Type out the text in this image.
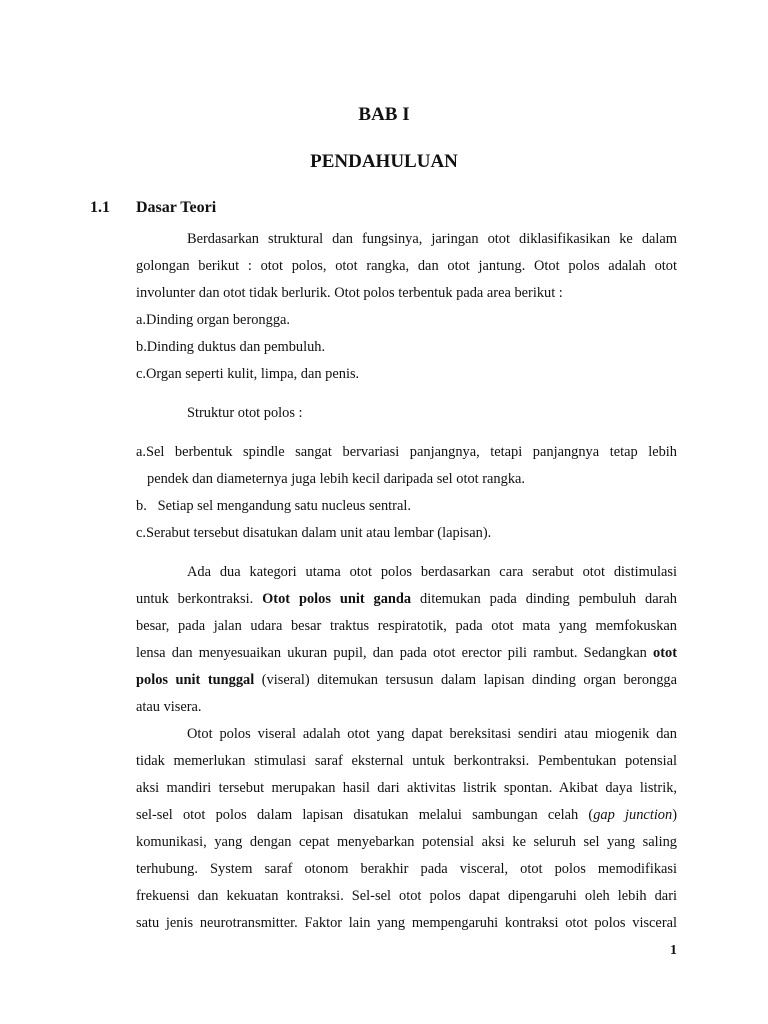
BAB I
PENDAHULUAN
1.1 Dasar Teori
Berdasarkan struktural dan fungsinya, jaringan otot diklasifikasikan ke dalam
golongan berikut : otot polos, otot rangka, dan otot jantung. Otot polos adalah otot
involunter dan otot tidak berlurik. Otot polos terbentuk pada area berikut :
a.Dinding organ berongga.
b.Dinding duktus dan pembuluh.
c.Organ seperti kulit, limpa, dan penis.
Struktur otot polos :
a.Sel berbentuk spindle sangat bervariasi panjangnya, tetapi panjangnya tetap lebih
pendek dan diameternya juga lebih kecil daripada sel otot rangka.
b.   Setiap sel mengandung satu nucleus sentral.
c.Serabut tersebut disatukan dalam unit atau lembar (lapisan).
Ada dua kategori utama otot polos berdasarkan cara serabut otot distimulasi
untuk berkontraksi. Otot polos unit ganda ditemukan pada dinding pembuluh darah
besar, pada jalan udara besar traktus respiratotik, pada otot mata yang memfokuskan
lensa dan menyesuaikan ukuran pupil, dan pada otot erector pili rambut. Sedangkan otot
polos unit tunggal (viseral) ditemukan tersusun dalam lapisan dinding organ berongga
atau visera.
Otot polos viseral adalah otot yang dapat bereksitasi sendiri atau miogenik dan
tidak memerlukan stimulasi saraf eksternal untuk berkontraksi. Pembentukan potensial
aksi mandiri tersebut merupakan hasil dari aktivitas listrik spontan. Akibat daya listrik,
sel-sel otot polos dalam lapisan disatukan melalui sambungan celah (gap junction)
komunikasi, yang dengan cepat menyebarkan potensial aksi ke seluruh sel yang saling
terhubung. System saraf otonom berakhir pada visceral, otot polos memodifikasi
frekuensi dan kekuatan kontraksi. Sel-sel otot polos dapat dipengaruhi oleh lebih dari
satu jenis neurotransmitter. Faktor lain yang mempengaruhi kontraksi otot polos visceral
1
